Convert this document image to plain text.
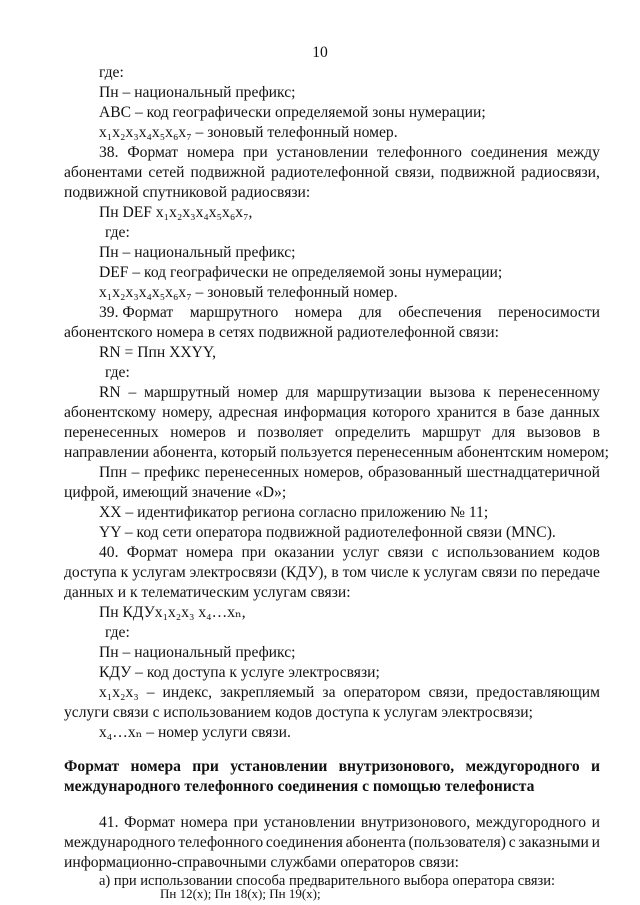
10
где:
Пн – национальный префикс;
ABC – код географически определяемой зоны нумерации;
x₁x₂x₃x₄x₅x₆x₇ – зоновый телефонный номер.
38. Формат номера при установлении телефонного соединения между
абонентами сетей подвижной радиотелефонной связи, подвижной радиосвязи,
подвижной спутниковой радиосвязи:
Пн DEF x₁x₂x₃x₄x₅x₆x₇,
где:
Пн – национальный префикс;
DEF – код географически не определяемой зоны нумерации;
x₁x₂x₃x₄x₅x₆x₇ – зоновый телефонный номер.
39. Формат маршрутного номера для обеспечения переносимости
абонентского номера в сетях подвижной радиотелефонной связи:
RN = Ппн XXYY,
где:
RN – маршрутный номер для маршрутизации вызова к перенесенному
абонентскому номеру, адресная информация которого хранится в базе данных
перенесенных номеров и позволяет определить маршрут для вызовов в
направлении абонента, который пользуется перенесенным абонентским номером;
Ппн – префикс перенесенных номеров, образованный шестнадцатеричной
цифрой, имеющий значение «D»;
XX – идентификатор региона согласно приложению № 11;
YY – код сети оператора подвижной радиотелефонной связи (MNC).
40. Формат номера при оказании услуг связи с использованием кодов
доступа к услугам электросвязи (КДУ), в том числе к услугам связи по передаче
данных и к телематическим услугам связи:
Пн КДУx₁x₂x₃ x₄…xₙ,
где:
Пн – национальный префикс;
КДУ – код доступа к услуге электросвязи;
x₁x₂x₃ – индекс, закрепляемый за оператором связи, предоставляющим
услуги связи с использованием кодов доступа к услугам электросвязи;
x₄…xₙ – номер услуги связи.
Формат номера при установлении внутризонового, междугородного и
международного телефонного соединения с помощью телефониста
41. Формат номера при установлении внутризонового, междугородного и
международного телефонного соединения абонента (пользователя) с заказными и
информационно-справочными службами операторов связи:
а) при использовании способа предварительного выбора оператора связи:
Пн 12(x); Пн 18(x); Пн 19(x);
